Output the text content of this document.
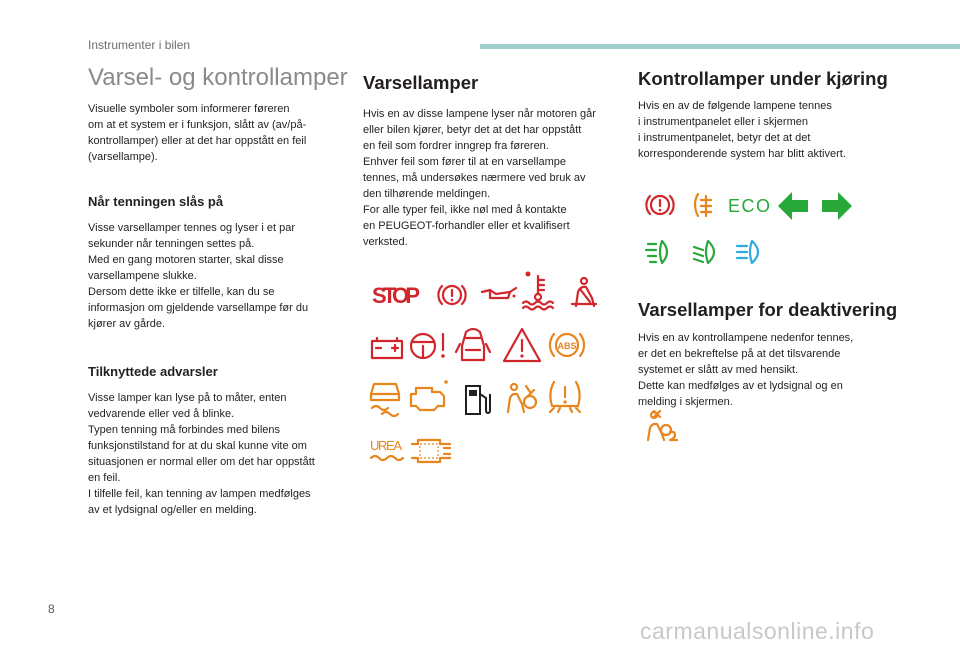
Instrumenter i bilen
Varsel- og kontrollamper
Visuelle symboler som informerer føreren
om at et system er i funksjon, slått av (av/på-
kontrollamper) eller at det har oppstått en feil
(varsellampe).
Når tenningen slås på
Visse varsellamper tennes og lyser i et par
sekunder når tenningen settes på.
Med en gang motoren starter, skal disse
varsellampene slukke.
Dersom dette ikke er tilfelle, kan du se
informasjon om gjeldende varsellampe før du
kjører av gårde.
Tilknyttede advarsler
Visse lamper kan lyse på to måter, enten
vedvarende eller ved å blinke.
Typen tenning må forbindes med bilens
funksjonstilstand for at du skal kunne vite om
situasjonen er normal eller om det har oppstått
en feil.
I tilfelle feil, kan tenning av lampen medfølges
av et lydsignal og/eller en melding.
Varsellamper
Hvis en av disse lampene lyser når motoren går
eller bilen kjører, betyr det at det har oppstått
en feil som fordrer inngrep fra føreren.
Enhver feil som fører til at en varsellampe
tennes, må undersøkes nærmere ved bruk av
den tilhørende meldingen.
For alle typer feil, ikke nøl med å kontakte
en PEUGEOT-forhandler eller et kvalifisert
verksted.
STOP
ABS
UREA
Kontrollamper under kjøring
Hvis en av de følgende lampene tennes
i instrumentpanelet eller i skjermen
i instrumentpanelet, betyr det at det
korresponderende system har blitt aktivert.
ECO
Varsellamper for deaktivering
Hvis en av kontrollampene nedenfor tennes,
er det en bekreftelse på at det tilsvarende
systemet er slått av med hensikt.
Dette kan medfølges av et lydsignal og en
melding i skjermen.
8
carmanualsonline.info
